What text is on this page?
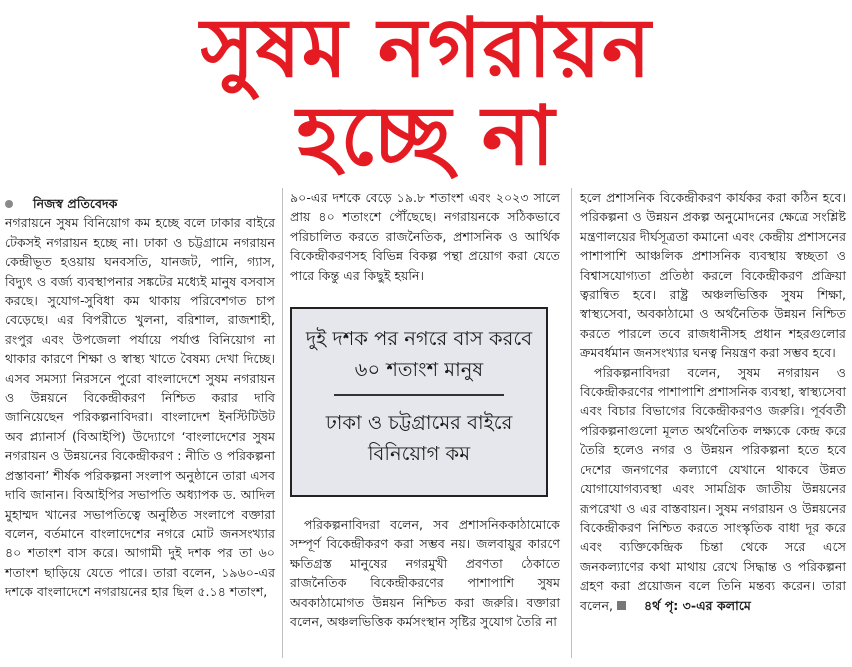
সুষম নগরায়ন
হচ্ছে না

নিজস্ব প্রতিবেদক

নগরায়নে সুষম বিনিয়োগ কম হচ্ছে বলে ঢাকার বাইরে টেকসই নগরায়ন হচ্ছে না। ঢাকা ও চট্টগ্রামে নগরায়ন কেন্দ্রীভূত হওয়ায় ঘনবসতি, যানজট, পানি, গ্যাস, বিদ্যুৎ ও বর্জ্য ব্যবস্থাপনার সঙ্কটের মধ্যেই মানুষ বসবাস করছে। সুযোগ-সুবিধা কম থাকায় পরিবেশগত চাপ বেড়েছে। এর বিপরীতে খুলনা, বরিশাল, রাজশাহী, রংপুর এবং উপজেলা পর্যায়ে পর্যাপ্ত বিনিয়োগ না থাকার কারণে শিক্ষা ও স্বাস্থ্য খাতে বৈষম্য দেখা দিচ্ছে। এসব সমস্যা নিরসনে পুরো বাংলাদেশে সুষম নগরায়ন ও উন্নয়নে বিকেন্দ্রীকরণ নিশ্চিত করার দাবি জানিয়েছেন পরিকল্পনাবিদরা। বাংলাদেশ ইনস্টিটিউট অব প্ল্যানার্স (বিআইপি) উদ্যোগে ‘বাংলাদেশের সুষম নগরায়ন ও উন্নয়নের বিকেন্দ্রীকরণ : নীতি ও পরিকল্পনা প্রস্তাবনা’ শীর্ষক পরিকল্পনা সংলাপ অনুষ্ঠানে তারা এসব দাবি জানান। বিআইপির সভাপতি অধ্যাপক ড. আদিল মুহাম্মদ খানের সভাপতিত্বে অনুষ্ঠিত সংলাপে বক্তারা বলেন, বর্তমানে বাংলাদেশের নগরে মোট জনসংখ্যার ৪০ শতাংশ বাস করে। আগামী দুই দশক পর তা ৬০ শতাংশ ছাড়িয়ে যেতে পারে। তারা বলেন, ১৯৬০-এর দশকে বাংলাদেশে নগরায়নের হার ছিল ৫.১৪ শতাংশ,

৯০-এর দশকে বেড়ে ১৯.৮ শতাংশ এবং ২০২৩ সালে প্রায় ৪০ শতাংশে পৌঁছেছে। নগরায়নকে সঠিকভাবে পরিচালিত করতে রাজনৈতিক, প্রশাসনিক ও আর্থিক বিকেন্দ্রীকরণসহ বিভিন্ন বিকল্প পন্থা প্রয়োগ করা যেতে পারে কিন্তু এর কিছুই হয়নি।

দুই দশক পর নগরে বাস করবে ৬০ শতাংশ মানুষ
ঢাকা ও চট্টগ্রামের বাইরে বিনিয়োগ কম

পরিকল্পনাবিদরা বলেন, সব প্রশাসনিককাঠামোকে সম্পূর্ণ বিকেন্দ্রীকরণ করা সম্ভব নয়। জলবায়ুর কারণে ক্ষতিগ্রস্ত মানুষের নগরমুখী প্রবণতা ঠেকাতে রাজনৈতিক বিকেন্দ্রীকরণের পাশাপাশি সুষম অবকাঠামোগত উন্নয়ন নিশ্চিত করা জরুরি। বক্তারা বলেন, অঞ্চলভিত্তিক কর্মসংস্থান সৃষ্টির সুযোগ তৈরি না

হলে প্রশাসনিক বিকেন্দ্রীকরণ কার্যকর করা কঠিন হবে। পরিকল্পনা ও উন্নয়ন প্রকল্প অনুমোদনের ক্ষেত্রে সংশ্লিষ্ট মন্ত্রণালয়ের দীর্ঘসূত্রতা কমানো এবং কেন্দ্রীয় প্রশাসনের পাশাপাশি আঞ্চলিক প্রশাসনিক ব্যবস্থায় স্বচ্ছতা ও বিশ্বাসযোগ্যতা প্রতিষ্ঠা করলে বিকেন্দ্রীকরণ প্রক্রিয়া ত্বরান্বিত হবে। রাষ্ট্র অঞ্চলভিত্তিক সুষম শিক্ষা, স্বাস্থ্যসেবা, অবকাঠামো ও অর্থনৈতিক উন্নয়ন নিশ্চিত করতে পারলে তবে রাজধানীসহ প্রধান শহরগুলোর ক্রমবর্ধমান জনসংখ্যার ঘনত্ব নিয়ন্ত্রণ করা সম্ভব হবে।

পরিকল্পনাবিদরা বলেন, সুষম নগরায়ন ও বিকেন্দ্রীকরণের পাশাপাশি প্রশাসনিক ব্যবস্থা, স্বাস্থ্যসেবা এবং বিচার বিভাগের বিকেন্দ্রীকরণও জরুরি। পূর্ববর্তী পরিকল্পনাগুলো মূলত অর্থনৈতিক লক্ষ্যকে কেন্দ্র করে তৈরি হলেও নগর ও উন্নয়ন পরিকল্পনা হতে হবে দেশের জনগণের কল্যাণে যেখানে থাকবে উন্নত যোগাযোগব্যবস্থা এবং সামগ্রিক জাতীয় উন্নয়নের রূপরেখা ও এর বাস্তবায়ন। সুষম নগরায়ন ও উন্নয়নের বিকেন্দ্রীকরণ নিশ্চিত করতে সাংস্কৃতিক বাধা দূর করে এবং ব্যক্তিকেন্দ্রিক চিন্তা থেকে সরে এসে জনকল্যাণের কথা মাথায় রেখে সিদ্ধান্ত ও পরিকল্পনা গ্রহণ করা প্রয়োজন বলে তিনি মন্তব্য করেন। তারা বলেন,	৪র্থ পৃ: ৩-এর কলামে
